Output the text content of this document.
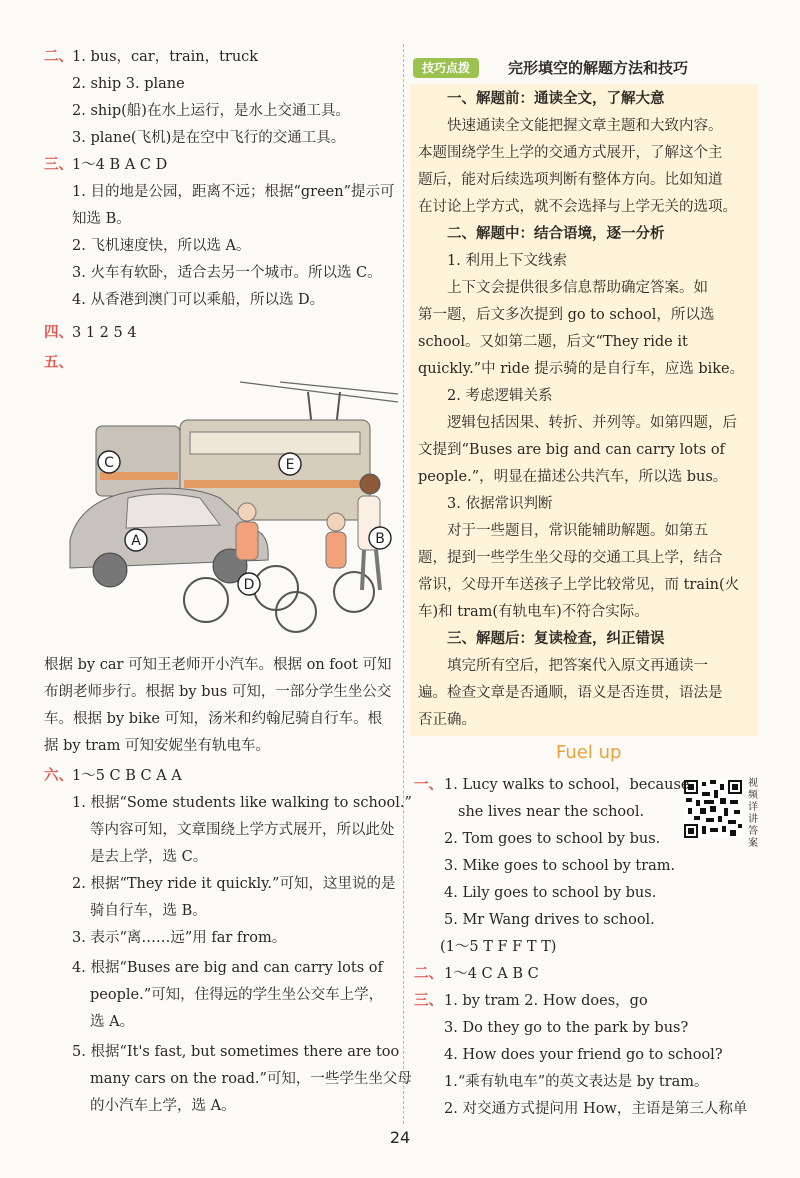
二、 1. bus，car，train，truck
2. ship 3. plane
2. ship(船)在水上运行，是水上交通工具。
3. plane(飞机)是在空中飞行的交通工具。
三、 1～4 B A C D
1. 目的地是公园，距离不远；根据“green”提示可
知选 B。
2. 飞机速度快，所以选 A。
3. 火车有软卧，适合去另一个城市。所以选 C。
4. 从香港到澳门可以乘船，所以选 D。
四、 3 1 2 5 4
五、
A	B
C
D
E
根据 by car 可知王老师开小汽车。根据 on foot 可知
布朗老师步行。根据 by bus 可知，一部分学生坐公交
车。根据 by bike 可知，汤米和约翰尼骑自行车。根
据 by tram 可知安妮坐有轨电车。
六、 1～5 C B C A A
1. 根据“Some students like walking to school.”
等内容可知，文章围绕上学方式展开，所以此处
是去上学，选 C。
2. 根据“They ride it quickly.”可知，这里说的是
骑自行车，选 B。
3. 表示“离……远”用 far from。
4. 根据“Buses are big and can carry lots of
people.”可知，住得远的学生坐公交车上学，
选 A。
5. 根据“It's fast, but sometimes there are too
many cars on the road.”可知，一些学生坐父母
的小汽车上学，选 A。
技巧点拨	完形填空的解题方法和技巧
一、解题前：通读全文，了解大意
快速通读全文能把握文章主题和大致内容。
本题围绕学生上学的交通方式展开，了解这个主
题后，能对后续选项判断有整体方向。比如知道
在讨论上学方式，就不会选择与上学无关的选项。
二、解题中：结合语境，逐一分析
1. 利用上下文线索
上下文会提供很多信息帮助确定答案。如
第一题，后文多次提到 go to school，所以选
school。又如第二题，后文“They ride it
quickly.”中 ride 提示骑的是自行车，应选 bike。
2. 考虑逻辑关系
逻辑包括因果、转折、并列等。如第四题，后
文提到“Buses are big and can carry lots of
people.”，明显在描述公共汽车，所以选 bus。
3. 依据常识判断
对于一些题目，常识能辅助解题。如第五
题，提到一些学生坐父母的交通工具上学，结合
常识，父母开车送孩子上学比较常见，而 train(火
车)和 tram(有轨电车)不符合实际。
三、解题后：复读检查，纠正错误
填完所有空后，把答案代入原文再通读一
遍。检查文章是否通顺，语义是否连贯，语法是
否正确。
Fuel up
视频详讲答案
一、 1. Lucy walks to school，because
she lives near the school.
2. Tom goes to school by bus.
3. Mike goes to school by tram.
4. Lily goes to school by bus.
5. Mr Wang drives to school.
(1～5 T F F T T)
二、 1～4 C A B C
三、 1. by tram 2. How does，go
3. Do they go to the park by bus?
4. How does your friend go to school?
1.“乘有轨电车”的英文表达是 by tram。
2. 对交通方式提问用 How，主语是第三人称单
24
